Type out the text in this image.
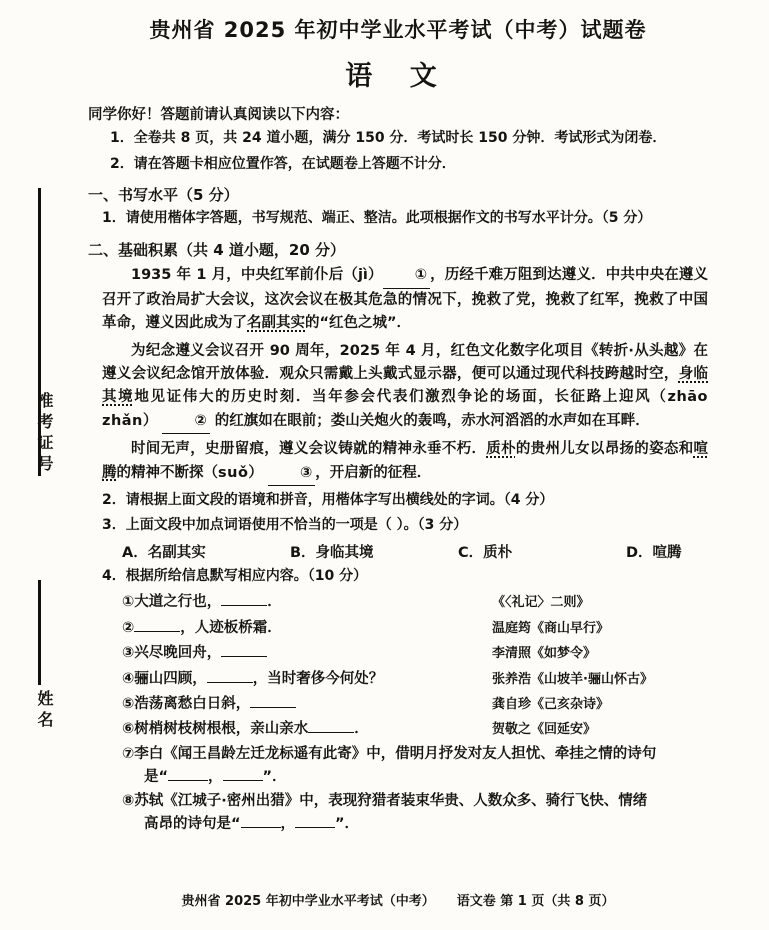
准考证号
姓名
贵州省 2025 年初中学业水平考试（中考）试题卷
语 文
同学你好！答题前请认真阅读以下内容：
1．全卷共 8 页，共 24 道小题，满分 150 分．考试时长 150 分钟．考试形式为闭卷．
2．请在答题卡相应位置作答，在试题卷上答题不计分．
一、书写水平（5 分）
1．请使用楷体字答题，书写规范、端正、整洁。此项根据作文的书写水平计分。（5 分）
二、基础积累（共 4 道小题，20 分）
1935 年 1 月，中央红军前仆后（jì） ① ，历经千难万阻到达遵义．中共中央在遵义召开了政治局扩大会议，这次会议在极其危急的情况下，挽救了党，挽救了红军，挽救了中国革命，遵义因此成为了名副其实的“红色之城”．
为纪念遵义会议召开 90 周年，2025 年 4 月，红色文化数字化项目《转折·从头越》在遵义会议纪念馆开放体验．观众只需戴上头戴式显示器，便可以通过现代科技跨越时空，身临其境地见证伟大的历史时刻．当年参会代表们激烈争论的场面，长征路上迎风（zhāo zhǎn）	② 的红旗如在眼前；娄山关炮火的轰鸣，赤水河滔滔的水声如在耳畔．
时间无声，史册留痕，遵义会议铸就的精神永垂不朽．质朴的贵州儿女以昂扬的姿态和喧腾的精神不断探（suǒ）	③ ，开启新的征程．
2．请根据上面文段的语境和拼音，用楷体字写出横线处的字词。（4 分）
3．上面文段中加点词语使用不恰当的一项是（ ）。（3 分）
A．名副其实	B．身临其境	C．质朴	D．喧腾
4．根据所给信息默写相应内容。（10 分）
①大道之行也，	．	《〈礼记〉二则》
②	，人迹板桥霜．	温庭筠《商山早行》
③兴尽晚回舟，	李清照《如梦令》
④骊山四顾，	，当时奢侈今何处？	张养浩《山坡羊·骊山怀古》
⑤浩荡离愁白日斜，	龚自珍《己亥杂诗》
⑥树梢树枝树根根，亲山亲水	．	贺敬之《回延安》
⑦李白《闻王昌龄左迁龙标遥有此寄》中，借明月抒发对友人担忧、牵挂之情的诗句
是“	，	”．
⑧苏轼《江城子·密州出猎》中，表现狩猎者装束华贵、人数众多、骑行飞快、情绪
高昂的诗句是“	，	”．
贵州省 2025 年初中学业水平考试（中考） 语文卷 第 1 页（共 8 页）
